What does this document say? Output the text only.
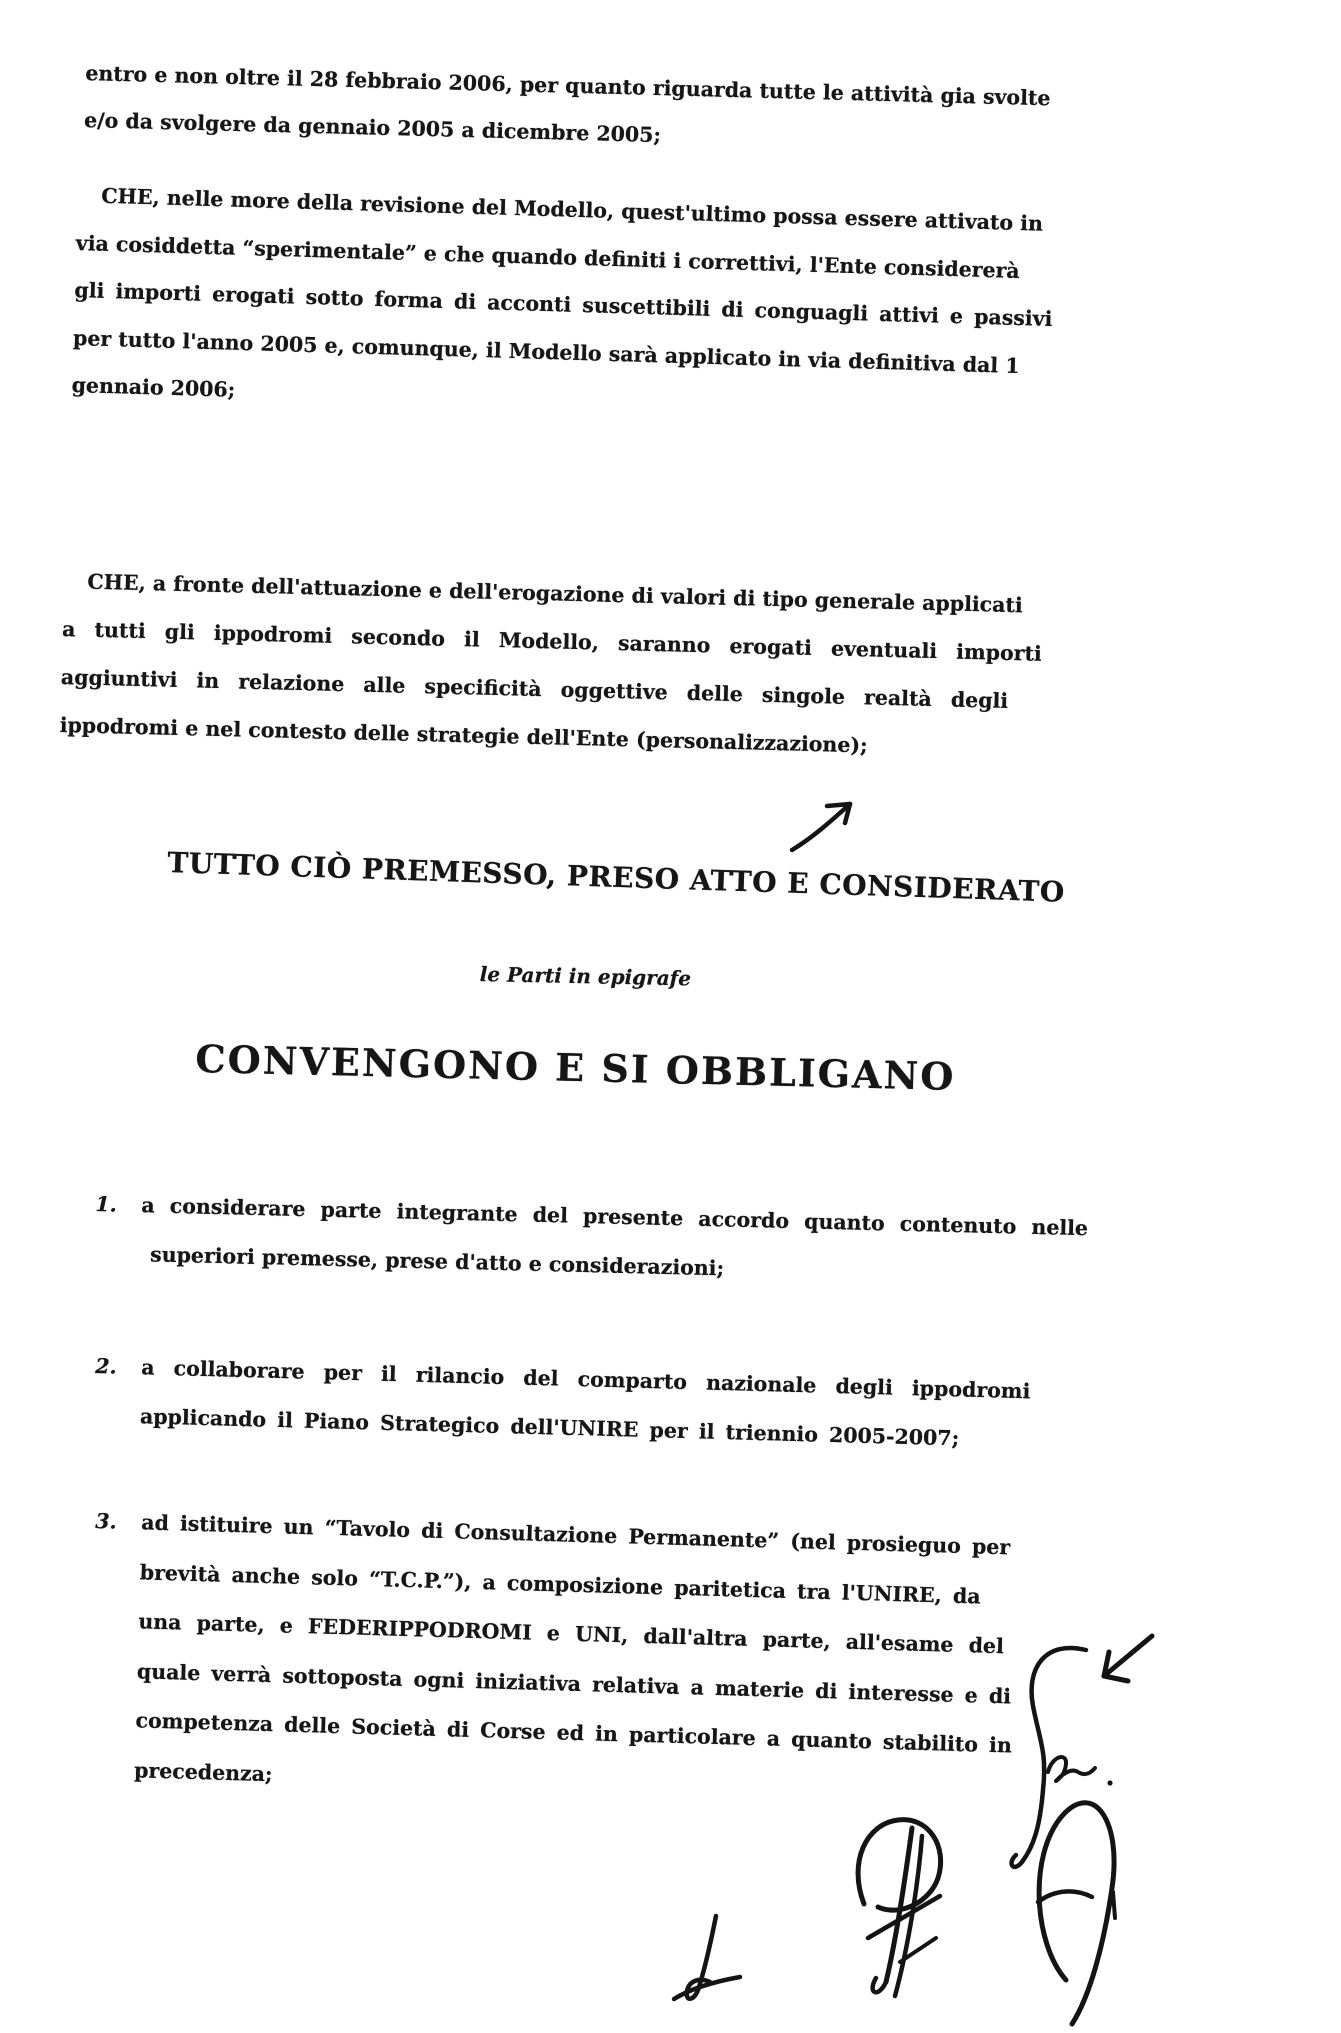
entro e non oltre il 28 febbraio 2006, per quanto riguarda tutte le attività gia svolte
e/o da svolgere da gennaio 2005 a dicembre 2005;
CHE, nelle more della revisione del Modello, quest'ultimo possa essere attivato in
via cosiddetta “sperimentale” e che quando definiti i correttivi, l'Ente considererà
gli importi erogati sotto forma di acconti suscettibili di conguagli attivi e passivi
per tutto l'anno 2005 e, comunque, il Modello sarà applicato in via definitiva dal 1
gennaio 2006;
CHE, a fronte dell'attuazione e dell'erogazione di valori di tipo generale applicati
a tutti gli ippodromi secondo il Modello, saranno erogati eventuali importi
aggiuntivi in relazione alle specificità oggettive delle singole realtà degli
ippodromi e nel contesto delle strategie dell'Ente (personalizzazione);
TUTTO CIÒ PREMESSO, PRESO ATTO E CONSIDERATO
le Parti in epigrafe
CONVENGONO E SI OBBLIGANO
1.	a considerare parte integrante del presente accordo quanto contenuto nelle
superiori premesse, prese d'atto e considerazioni;
2.	a collaborare per il rilancio del comparto nazionale degli ippodromi
applicando il Piano Strategico dell'UNIRE per il triennio 2005-2007;
3.	ad istituire un “Tavolo di Consultazione Permanente” (nel prosieguo per
brevità anche solo “T.C.P.”), a composizione paritetica tra l'UNIRE, da
una parte, e FEDERIPPODROMI e UNI, dall'altra parte, all'esame del
quale verrà sottoposta ogni iniziativa relativa a materie di interesse e di
competenza delle Società di Corse ed in particolare a quanto stabilito in
precedenza;
